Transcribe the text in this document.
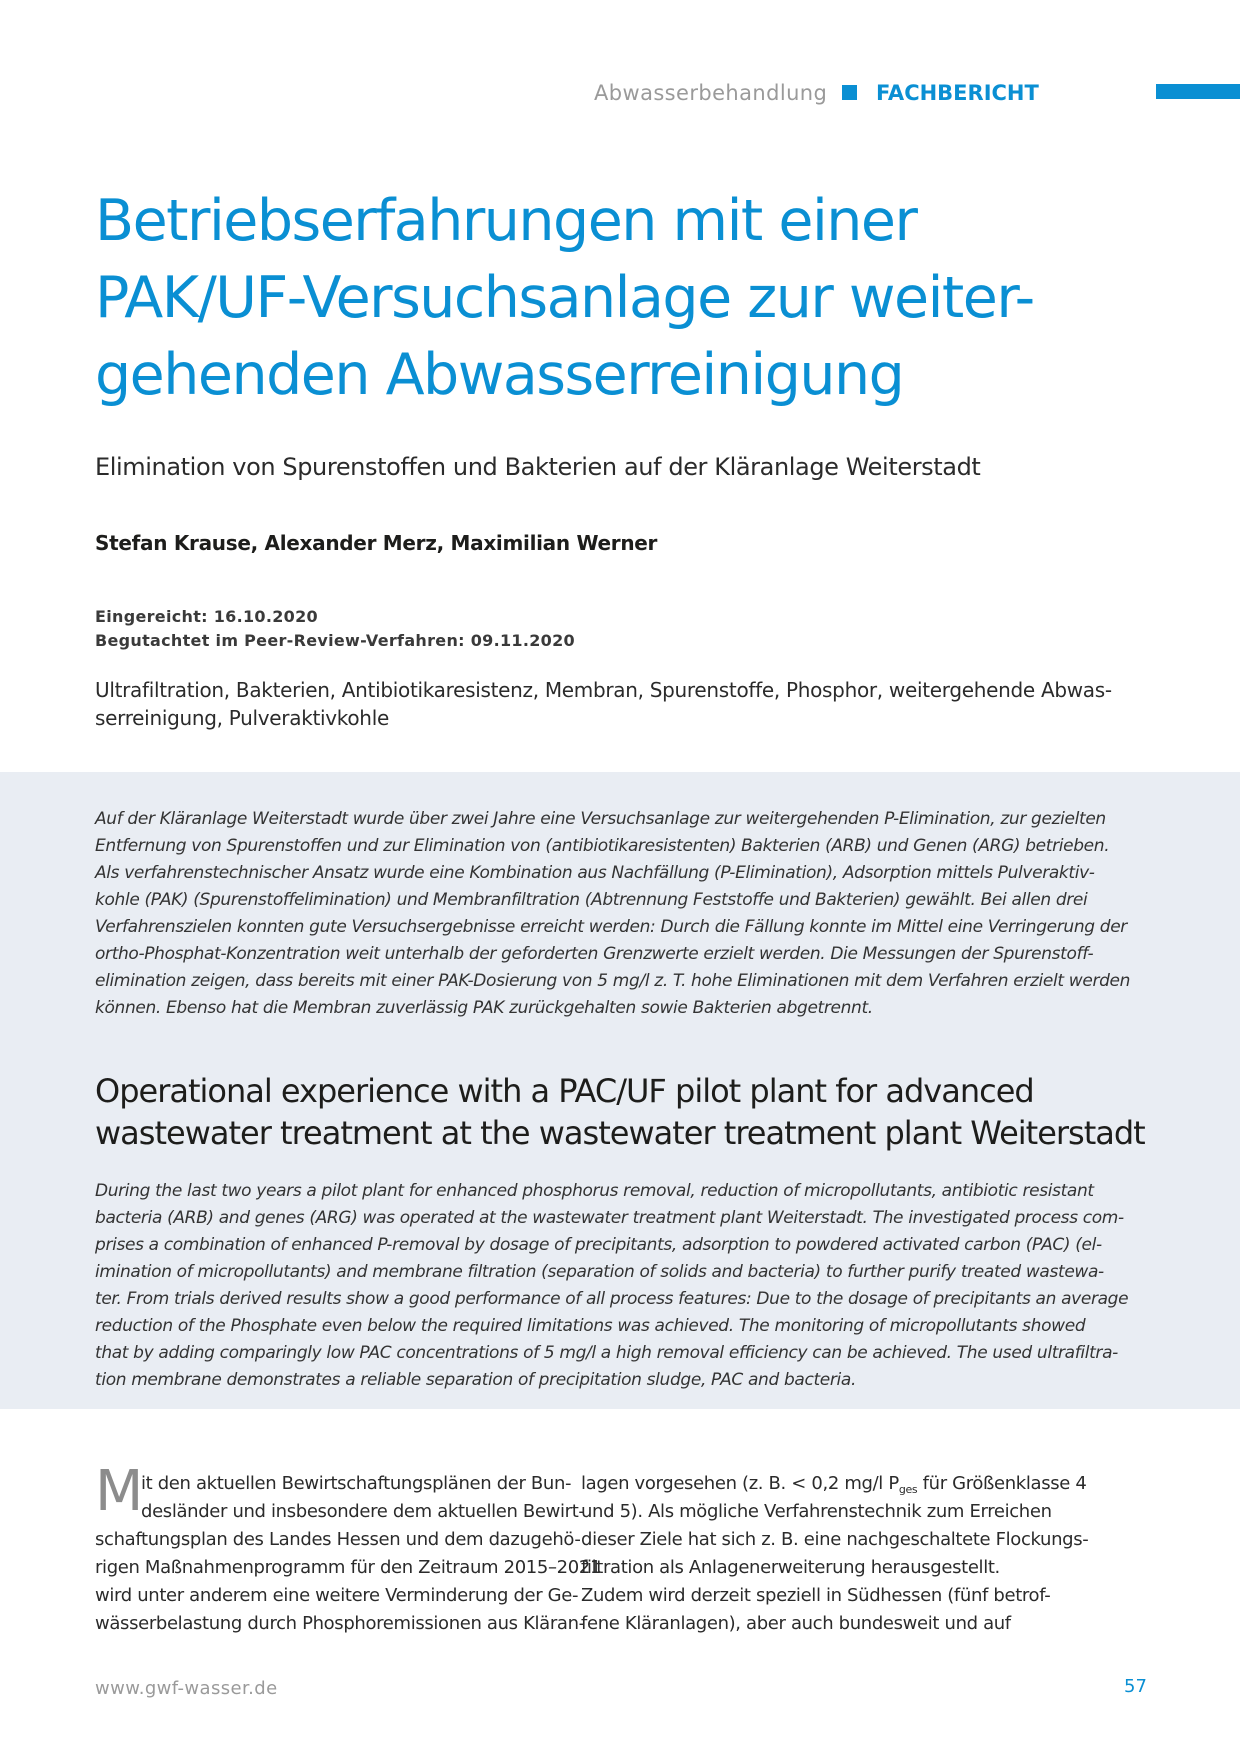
Abwasserbehandlung FACHBERICHT
Betriebserfahrungen mit einer
PAK/UF-Versuchsanlage zur weiter-
gehenden Abwasserreinigung
Elimination von Spurenstoffen und Bakterien auf der Kläranlage Weiterstadt
Stefan Krause, Alexander Merz, Maximilian Werner
Eingereicht: 16.10.2020
Begutachtet im Peer-Review-Verfahren: 09.11.2020
Ultrafiltration, Bakterien, Antibiotikaresistenz, Membran, Spurenstoffe, Phosphor, weitergehende Abwas-
serreinigung, Pulveraktivkohle
Auf der Kläranlage Weiterstadt wurde über zwei Jahre eine Versuchsanlage zur weitergehenden P-Elimination, zur gezielten
Entfernung von Spurenstoffen und zur Elimination von (antibiotikaresistenten) Bakterien (ARB) und Genen (ARG) betrieben.
Als verfahrenstechnischer Ansatz wurde eine Kombination aus Nachfällung (P-Elimination), Adsorption mittels Pulveraktiv-
kohle (PAK) (Spurenstoffelimination) und Membranfiltration (Abtrennung Feststoffe und Bakterien) gewählt. Bei allen drei
Verfahrenszielen konnten gute Versuchsergebnisse erreicht werden: Durch die Fällung konnte im Mittel eine Verringerung der
ortho-Phosphat-Konzentration weit unterhalb der geforderten Grenzwerte erzielt werden. Die Messungen der Spurenstoff-
elimination zeigen, dass bereits mit einer PAK-Dosierung von 5 mg/l z. T. hohe Eliminationen mit dem Verfahren erzielt werden
können. Ebenso hat die Membran zuverlässig PAK zurückgehalten sowie Bakterien abgetrennt.
Operational experience with a PAC/UF pilot plant for advanced
wastewater treatment at the wastewater treatment plant Weiterstadt
During the last two years a pilot plant for enhanced phosphorus removal, reduction of micropollutants, antibiotic resistant
bacteria (ARB) and genes (ARG) was operated at the wastewater treatment plant Weiterstadt. The investigated process com-
prises a combination of enhanced P-removal by dosage of precipitants, adsorption to powdered activated carbon (PAC) (el-
imination of micropollutants) and membrane filtration (separation of solids and bacteria) to further purify treated wastewa-
ter. From trials derived results show a good performance of all process features: Due to the dosage of precipitants an average
reduction of the Phosphate even below the required limitations was achieved. The monitoring of micropollutants showed
that by adding comparingly low PAC concentrations of 5 mg/l a high removal efficiency can be achieved. The used ultrafiltra-
tion membrane demonstrates a reliable separation of precipitation sludge, PAC and bacteria.
M
it den aktuellen Bewirtschaftungsplänen der Bun-
desländer und insbesondere dem aktuellen Bewirt-
schaftungsplan des Landes Hessen und dem dazugehö-
rigen Maßnahmenprogramm für den Zeitraum 2015–2021
wird unter anderem eine weitere Verminderung der Ge-
wässerbelastung durch Phosphoremissionen aus Kläran-
lagen vorgesehen (z. B. < 0,2 mg/l $P_{ges}$ für Größenklasse 4
und 5). Als mögliche Verfahrenstechnik zum Erreichen
dieser Ziele hat sich z. B. eine nachgeschaltete Flockungs-
filtration als Anlagenerweiterung herausgestellt.
Zudem wird derzeit speziell in Südhessen (fünf betrof-
fene Kläranlagen), aber auch bundesweit und auf
www.gwf-wasser.de	57
